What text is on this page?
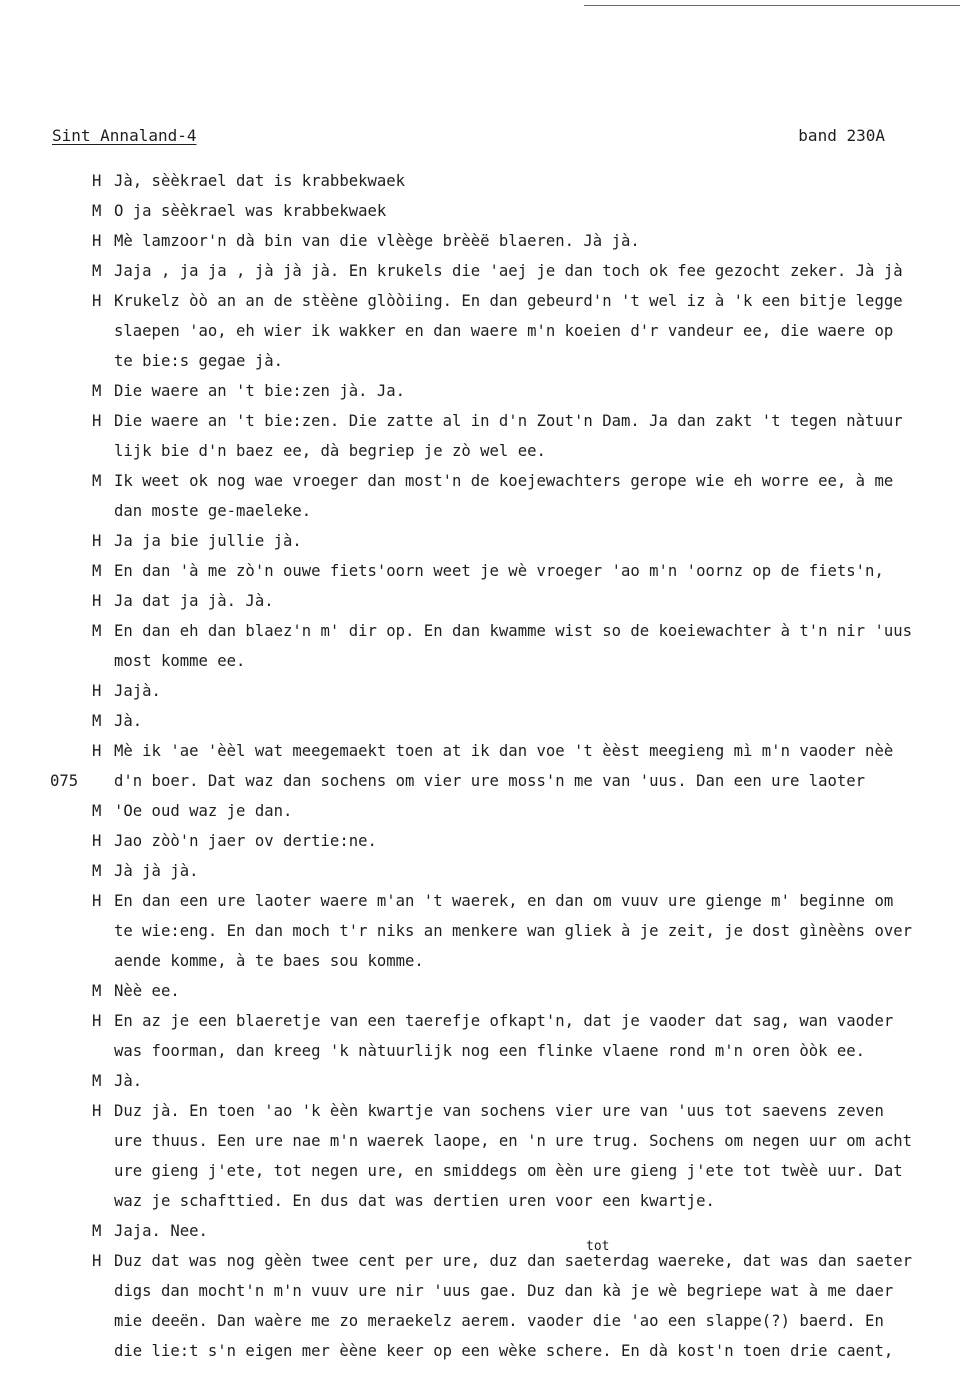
Sint Annaland-4	band 230A
H Jà, sèèkrael dat is krabbekwaek
M O ja sèèkrael was krabbekwaek
H Mè lamzoor'n dà bin van die vlèège brèèë blaeren. Jà jà.
M Jaja , ja ja , jà jà jà. En krukels die 'aej je dan toch ok fee gezocht zeker. Jà jà
H Krukelz òò an an de stèène glòòiing. En dan gebeurd'n 't wel iz à 'k een bitje legge
slaepen 'ao, eh wier ik wakker en dan waere m'n koeien d'r vandeur ee, die waere op
te bie:s gegae jà.
M Die waere an 't bie:zen jà. Ja.
H Die waere an 't bie:zen. Die zatte al in d'n Zout'n Dam. Ja dan zakt 't tegen nàtuur
lijk bie d'n baez ee, dà begriep je zò wel ee.
M Ik weet ok nog wae vroeger dan most'n de koejewachters gerope wie eh worre ee, à me
dan moste ge-maeleke.
H Ja ja bie jullie jà.
M En dan 'à me zò'n ouwe fiets'oorn weet je wè vroeger 'ao m'n 'oornz op de fiets'n,
H Ja dat ja jà. Jà.
M En dan eh dan blaez'n m' dir op. En dan kwamme wist so de koeiewachter à t'n nir 'uus
most komme ee.
H Jajà.
M Jà.
H Mè ik 'ae 'èèl wat meegemaekt toen at ik dan voe 't èèst meegieng mì m'n vaoder nèè
075 d'n boer. Dat waz dan sochens om vier ure moss'n me van 'uus. Dan een ure laoter
M 'Oe oud waz je dan.
H Jao zòò'n jaer ov dertie:ne.
M Jà jà jà.
H En dan een ure laoter waere m'an 't waerek, en dan om vuuv ure gienge m' beginne om
te wie:eng. En dan moch t'r niks an menkere wan gliek à je zeit, je dost gìnèèns over
aende komme, à te baes sou komme.
M Nèè ee.
H En az je een blaeretje van een taerefje ofkapt'n, dat je vaoder dat sag, wan vaoder
was foorman, dan kreeg 'k nàtuurlijk nog een flinke vlaene rond m'n oren òòk ee.
M Jà.
H Duz jà. En toen 'ao 'k èèn kwartje van sochens vier ure van 'uus tot saevens zeven
ure thuus. Een ure nae m'n waerek laope, en 'n ure trug. Sochens om negen uur om acht
ure gieng j'ete, tot negen ure, en smiddegs om èèn ure gieng j'ete tot twèè uur. Dat
waz je schafttied. En dus dat was dertien uren voor een kwartje.
M Jaja. Nee.
H Duz dat was nog gèèn twee cent per ure, duz dan saeterdag waereke, dat was dan saeter
tot
digs dan mocht'n m'n vuuv ure nir 'uus gae. Duz dan kà je wè begriepe wat à me daer
mie deeën. Dan waère me zo meraekelz aerem. vaoder die 'ao een slappe(?) baerd. En
die lie:t s'n eigen mer èène keer op een wèke schere. En dà kost'n toen drie caent,
